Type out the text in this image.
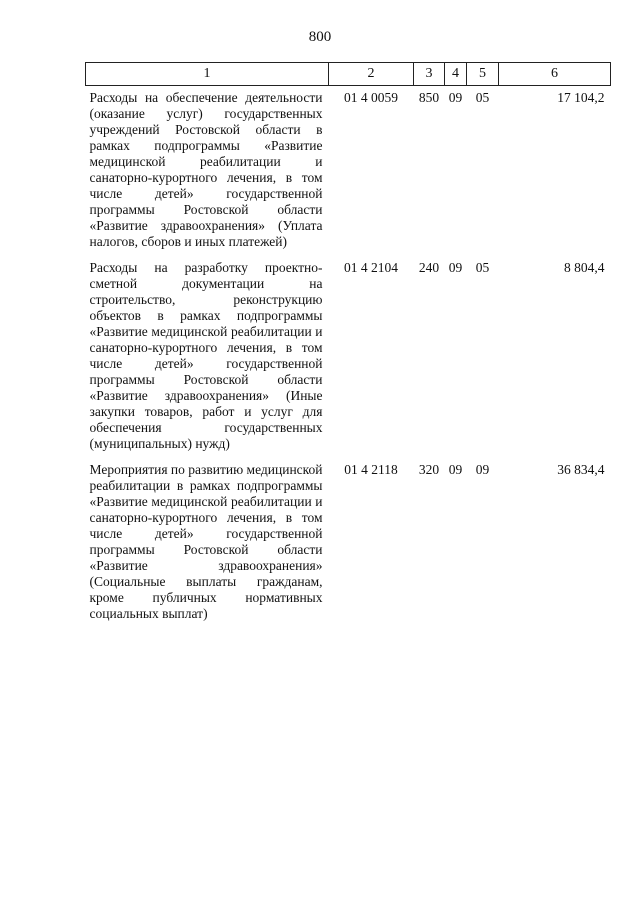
800
1	2	3	4	5	6
Расходы на обеспечение деятельности (оказание услуг) государственных учреждений Ростовской области в рамках подпрограммы «Развитие медицинской реабилитации и санаторно-курортного лечения, в том числе детей» государственной программы Ростовской области «Развитие здравоохранения» (Уплата налогов, сборов и иных платежей)	01 4 0059	850	09	05	17 104,2
Расходы на разработку проектно-сметной документации на строительство, реконструкцию объектов в рамках подпрограммы «Развитие медицинской реабилитации и санаторно-курортного лечения, в том числе детей» государственной программы Ростовской области «Развитие здравоохранения» (Иные закупки товаров, работ и услуг для обеспечения государственных (муниципальных) нужд)	01 4 2104	240	09	05	8 804,4
Мероприятия по развитию медицинской реабилитации в рамках подпрограммы «Развитие медицинской реабилитации и санаторно-курортного лечения, в том числе детей» государственной программы Ростовской области «Развитие здравоохранения» (Социальные выплаты гражданам, кроме публичных нормативных социальных выплат)	01 4 2118	320	09	09	36 834,4
